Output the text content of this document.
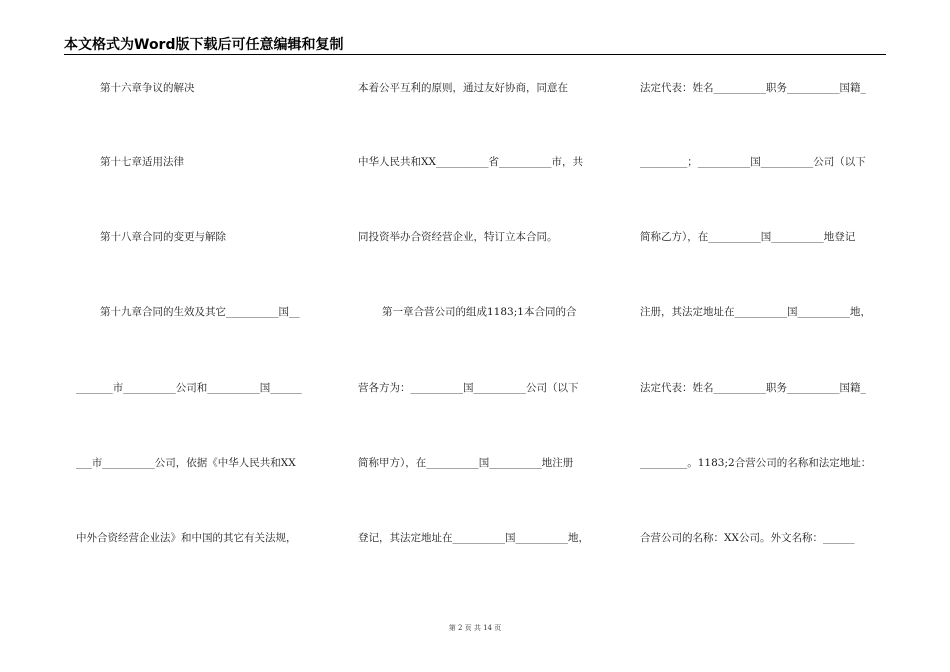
本文格式为Word版下载后可任意编辑和复制
第十六章争议的解决
第十七章适用法律
第十八章合同的变更与解除
第十九章合同的生效及其它__________国__
_______市__________公司和__________国______
___市__________公司，依据《中华人民共和XX
中外合资经营企业法》和中国的其它有关法规，
本着公平互利的原则，通过友好协商，同意在
中华人民共和XX__________省__________市，共
同投资举办合资经营企业，特订立本合同。
第一章合营公司的组成1183;1本合同的合
营各方为：__________国__________公司（以下
简称甲方），在__________国__________地注册
登记，其法定地址在__________国__________地，
法定代表：姓名__________职务__________国籍_
_________；__________国__________公司（以下
简称乙方），在__________国__________地登记
注册，其法定地址在__________国__________地，
法定代表：姓名__________职务__________国籍_
_________。1183;2合营公司的名称和法定地址：
合营公司的名称：XX公司。外文名称：______
第 2 页 共 14 页
